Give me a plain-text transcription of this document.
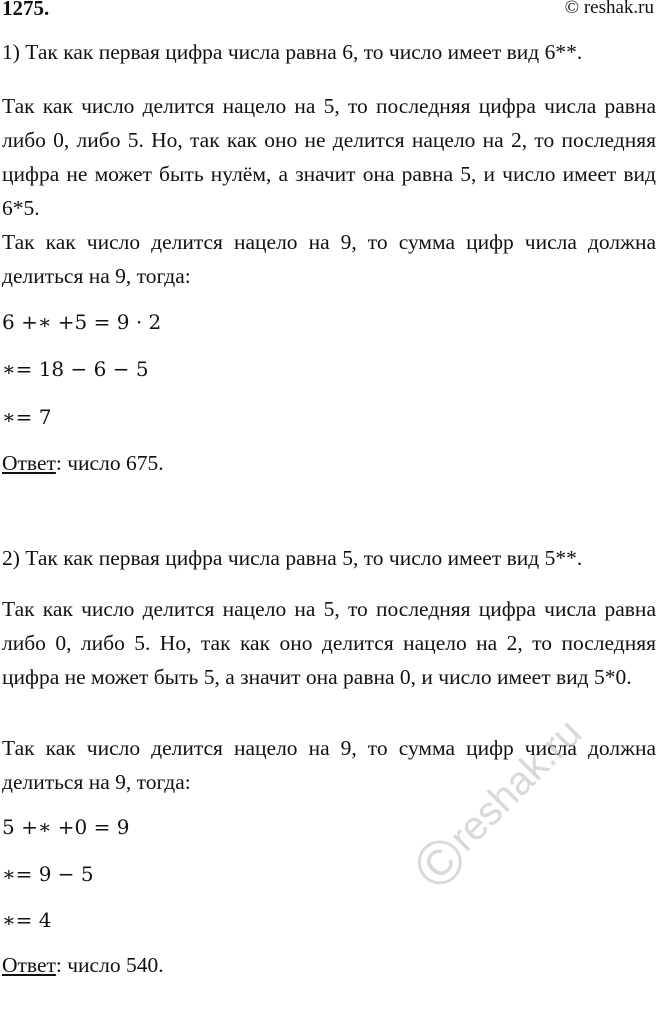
1275.	© reshak.ru
1) Так как первая цифра числа равна 6, то число имеет вид 6**.
Так как число делится нацело на 5, то последняя цифра числа равна либо 0, либо 5. Но, так как оно не делится нацело на 2, то последняя цифра не может быть нулём, а значит она равна 5, и число имеет вид 6*5.
Так как число делится нацело на 9, то сумма цифр числа должна делиться на 9, тогда:
6 +∗ +5 = 9 · 2
∗= 18 − 6 − 5
∗= 7
Ответ: число 675.
2) Так как первая цифра числа равна 5, то число имеет вид 5**.
Так как число делится нацело на 5, то последняя цифра числа равна либо 0, либо 5. Но, так как оно делится нацело на 2, то последняя цифра не может быть 5, а значит она равна 0, и число имеет вид 5*0.
Так как число делится нацело на 9, то сумма цифр числа должна делиться на 9, тогда:
5 +∗ +0 = 9
∗= 9 − 5
∗= 4
Ответ: число 540.
©reshak.ru
